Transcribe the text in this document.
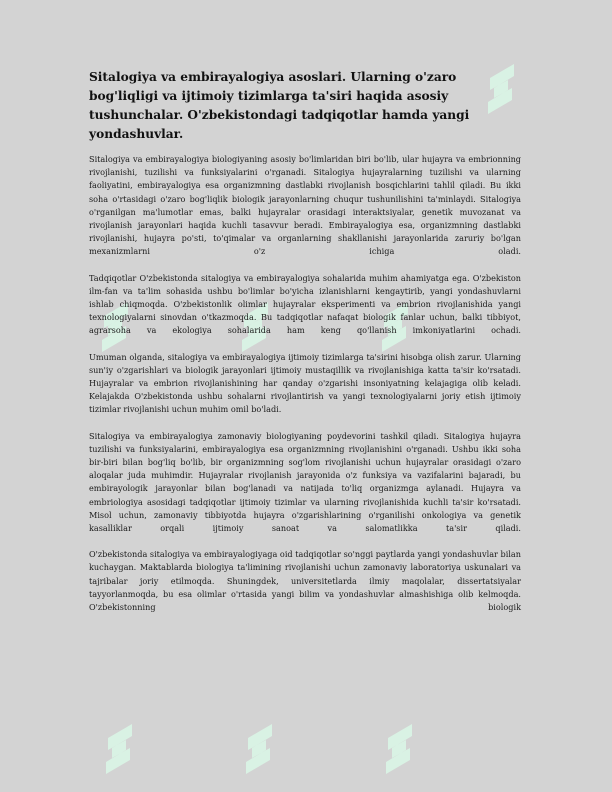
Sitalogiya va embirayalogiya asoslari. Ularning o'zaro bog'liqligi va ijtimoiy tizimlarga ta'siri haqida asosiy tushunchalar. O'zbekistondagi tadqiqotlar hamda yangi yondashuvlar.

Sitalogiya va embirayalogiya biologiyaning asosiy bo'limlaridan biri bo'lib, ular hujayra va embrionning rivojlanishi, tuzilishi va funksiyalarini o'rganadi. Sitalogiya hujayralarning tuzilishi va ularning faoliyatini, embirayalogiya esa organizmning dastlabki rivojlanish bosqichlarini tahlil qiladi. Bu ikki soha o'rtasidagi o'zaro bog'liqlik biologik jarayonlarning chuqur tushunilishini ta'minlaydi. Sitalogiya o'rganilgan ma'lumotlar emas, balki hujayralar orasidagi interaktsiyalar, genetik muvozanat va rivojlanish jarayonlari haqida kuchli tasavvur beradi. Embirayalogiya esa, organizmning dastlabki rivojlanishi, hujayra po'sti, to'qimalar va organlarning shakllanishi jarayonlarida zaruriy bo'lgan mexanizmlarni o'z ichiga oladi.

Tadqiqotlar O'zbekistonda sitalogiya va embirayalogiya sohalarida muhim ahamiyatga ega. O'zbekiston ilm-fan va ta'lim sohasida ushbu bo'limlar bo'yicha izlanishlarni kengaytirib, yangi yondashuvlarni ishlab chiqmoqda. O'zbekistonlik olimlar hujayralar eksperimenti va embrion rivojlanishida yangi texnologiyalarni sinovdan o'tkazmoqda. Bu tadqiqotlar nafaqat biologik fanlar uchun, balki tibbiyot, agrarsoha va ekologiya sohalarida ham keng qo'llanish imkoniyatlarini ochadi.

Umuman olganda, sitalogiya va embirayalogiya ijtimoiy tizimlarga ta'sirini hisobga olish zarur. Ularning sun'iy o'zgarishlari va biologik jarayonlari ijtimoiy mustaqillik va rivojlanishiga katta ta'sir ko'rsatadi. Hujayralar va embrion rivojlanishining har qanday o'zgarishi insoniyatning kelajagiga olib keladi. Kelajakda O'zbekistonda ushbu sohalarni rivojlantirish va yangi texnologiyalarni joriy etish ijtimoiy tizimlar rivojlanishi uchun muhim omil bo'ladi.

Sitalogiya va embirayalogiya zamonaviy biologiyaning poydevorini tashkil qiladi. Sitalogiya hujayra tuzilishi va funksiyalarini, embirayalogiya esa organizmning rivojlanishini o'rganadi. Ushbu ikki soha bir-biri bilan bog'liq bo'lib, bir organizmning sog'lom rivojlanishi uchun hujayralar orasidagi o'zaro aloqalar juda muhimdir. Hujayralar rivojlanish jarayonida o'z funksiya va vazifalarini bajaradi, bu embirayologik jarayonlar bilan bog'lanadi va natijada to'liq organizmga aylanadi. Hujayra va embriologiya asosidagi tadqiqotlar ijtimoiy tizimlar va ularning rivojlanishida kuchli ta'sir ko'rsatadi. Misol uchun, zamonaviy tibbiyotda hujayra o'zgarishlarining o'rganilishi onkologiya va genetik kasalliklar orqali ijtimoiy sanoat va salomatlikka ta'sir qiladi.

O'zbekistonda sitalogiya va embirayalogiyaga oid tadqiqotlar so'nggi paytlarda yangi yondashuvlar bilan kuchaygan. Maktablarda biologiya ta'limining rivojlanishi uchun zamonaviy laboratoriya uskunalari va tajribalar joriy etilmoqda. Shuningdek, universitetlarda ilmiy maqolalar, dissertatsiyalar tayyorlanmoqda, bu esa olimlar o'rtasida yangi bilim va yondashuvlar almashishiga olib kelmoqda. O'zbekistonning biologik
